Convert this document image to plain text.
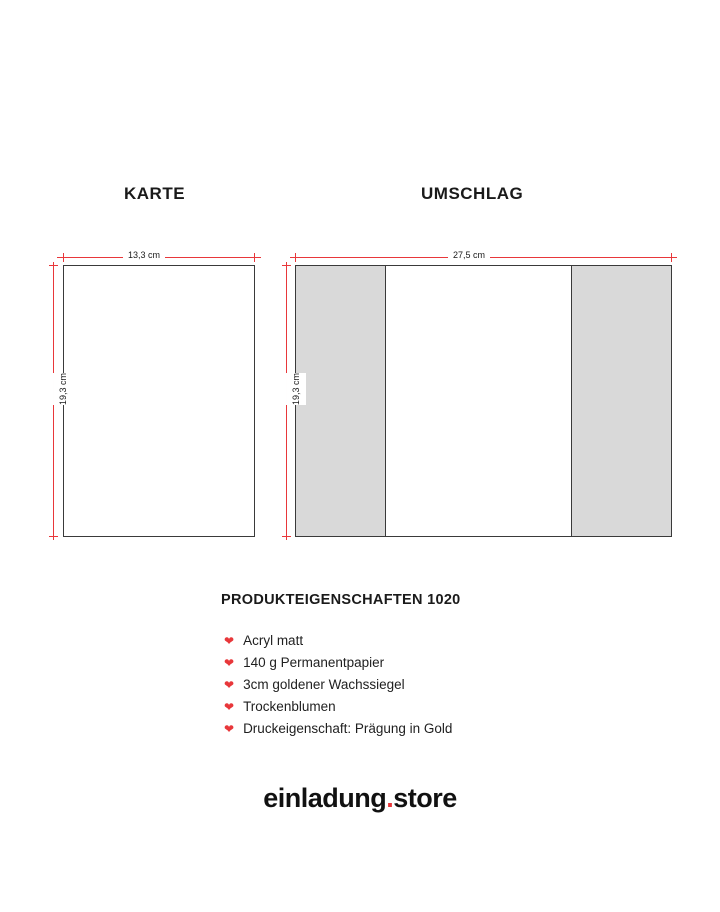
KARTE	UMSCHLAG
13,3 cm
19,3 cm
27,5 cm
19,3 cm
PRODUKTEIGENSCHAFTEN 1020
❤ Acryl matt
❤ 140 g Permanentpapier
❤ 3cm goldener Wachssiegel
❤ Trockenblumen
❤ Druckeigenschaft: Prägung in Gold
einladung.store
